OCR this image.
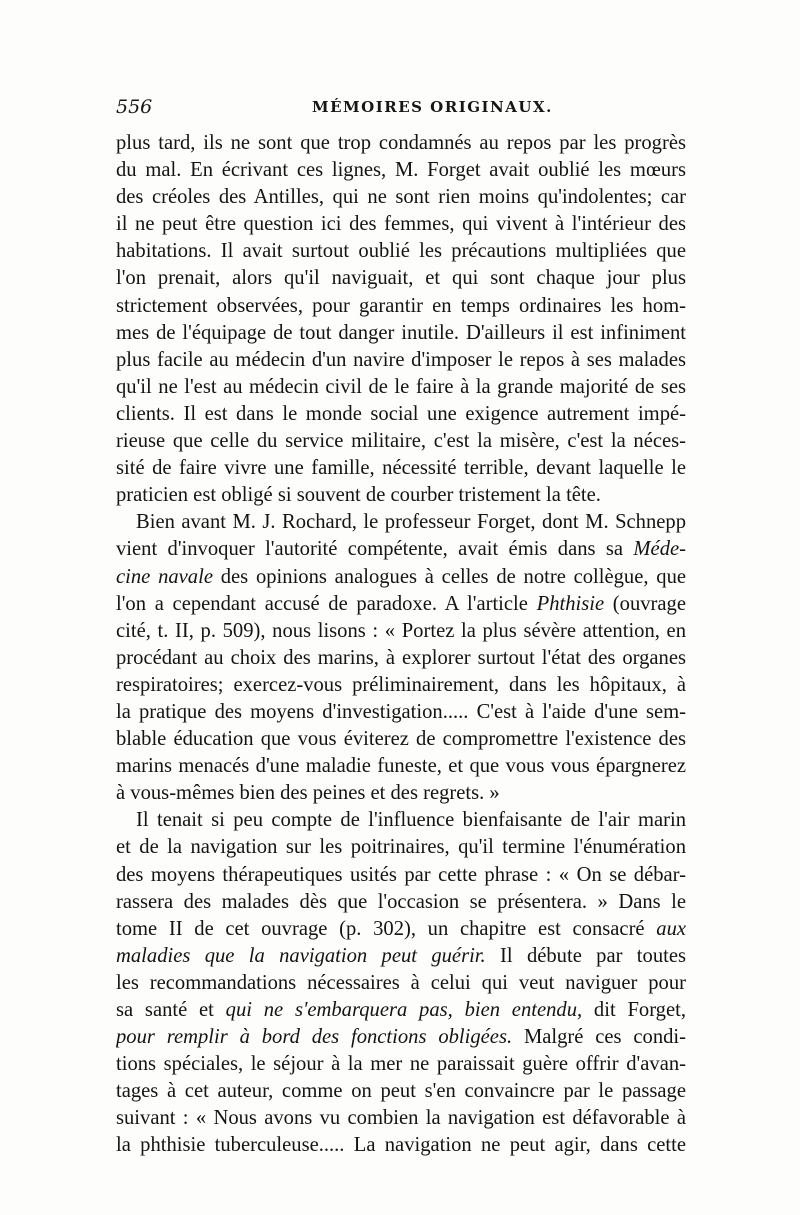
556	MÉMOIRES ORIGINAUX.
plus tard, ils ne sont que trop condamnés au repos par les progrès
du mal. En écrivant ces lignes, M. Forget avait oublié les mœurs
des créoles des Antilles, qui ne sont rien moins qu'indolentes; car
il ne peut être question ici des femmes, qui vivent à l'intérieur des
habitations. Il avait surtout oublié les précautions multipliées que
l'on prenait, alors qu'il naviguait, et qui sont chaque jour plus
strictement observées, pour garantir en temps ordinaires les hom-
mes de l'équipage de tout danger inutile. D'ailleurs il est infiniment
plus facile au médecin d'un navire d'imposer le repos à ses malades
qu'il ne l'est au médecin civil de le faire à la grande majorité de ses
clients. Il est dans le monde social une exigence autrement impé-
rieuse que celle du service militaire, c'est la misère, c'est la néces-
sité de faire vivre une famille, nécessité terrible, devant laquelle le
praticien est obligé si souvent de courber tristement la tête.
Bien avant M. J. Rochard, le professeur Forget, dont M. Schnepp
vient d'invoquer l'autorité compétente, avait émis dans sa Méde-
cine navale des opinions analogues à celles de notre collègue, que
l'on a cependant accusé de paradoxe. A l'article Phthisie (ouvrage
cité, t. II, p. 509), nous lisons : « Portez la plus sévère attention, en
procédant au choix des marins, à explorer surtout l'état des organes
respiratoires; exercez-vous préliminairement, dans les hôpitaux, à
la pratique des moyens d'investigation..... C'est à l'aide d'une sem-
blable éducation que vous éviterez de compromettre l'existence des
marins menacés d'une maladie funeste, et que vous vous épargnerez
à vous-mêmes bien des peines et des regrets. »
Il tenait si peu compte de l'influence bienfaisante de l'air marin
et de la navigation sur les poitrinaires, qu'il termine l'énumération
des moyens thérapeutiques usités par cette phrase : « On se débar-
rassera des malades dès que l'occasion se présentera. » Dans le
tome II de cet ouvrage (p. 302), un chapitre est consacré aux
maladies que la navigation peut guérir. Il débute par toutes
les recommandations nécessaires à celui qui veut naviguer pour
sa santé et qui ne s'embarquera pas, bien entendu, dit Forget,
pour remplir à bord des fonctions obligées. Malgré ces condi-
tions spéciales, le séjour à la mer ne paraissait guère offrir d'avan-
tages à cet auteur, comme on peut s'en convaincre par le passage
suivant : « Nous avons vu combien la navigation est défavorable à
la phthisie tuberculeuse..... La navigation ne peut agir, dans cette
